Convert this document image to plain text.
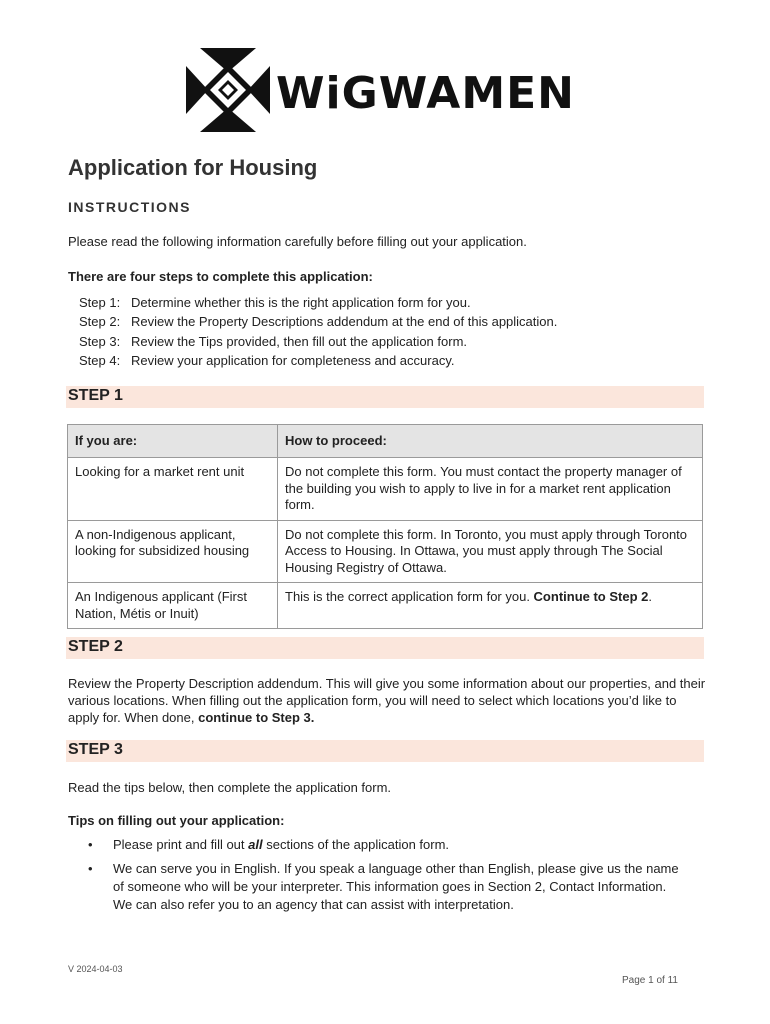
WiGWAMEN
Application for Housing
INSTRUCTIONS
Please read the following information carefully before filling out your application.
There are four steps to complete this application:
Step 1: Determine whether this is the right application form for you.
Step 2: Review the Property Descriptions addendum at the end of this application.
Step 3: Review the Tips provided, then fill out the application form.
Step 4: Review your application for completeness and accuracy.
STEP 1
If you are:	How to proceed:
Looking for a market rent unit	Do not complete this form. You must contact the property manager of the building you wish to apply to live in for a market rent application form.
A non-Indigenous applicant, looking for subsidized housing	Do not complete this form. In Toronto, you must apply through Toronto Access to Housing. In Ottawa, you must apply through The Social Housing Registry of Ottawa.
An Indigenous applicant (First Nation, Métis or Inuit)	This is the correct application form for you. Continue to Step 2.
STEP 2
Review the Property Description addendum. This will give you some information about our properties, and their various locations. When filling out the application form, you will need to select which locations you’d like to apply for. When done, continue to Step 3.
STEP 3
Read the tips below, then complete the application form.
Tips on filling out your application:
• Please print and fill out all sections of the application form.
• We can serve you in English. If you speak a language other than English, please give us the name of someone who will be your interpreter. This information goes in Section 2, Contact Information. We can also refer you to an agency that can assist with interpretation.
V 2024-04-03
Page 1 of 11
